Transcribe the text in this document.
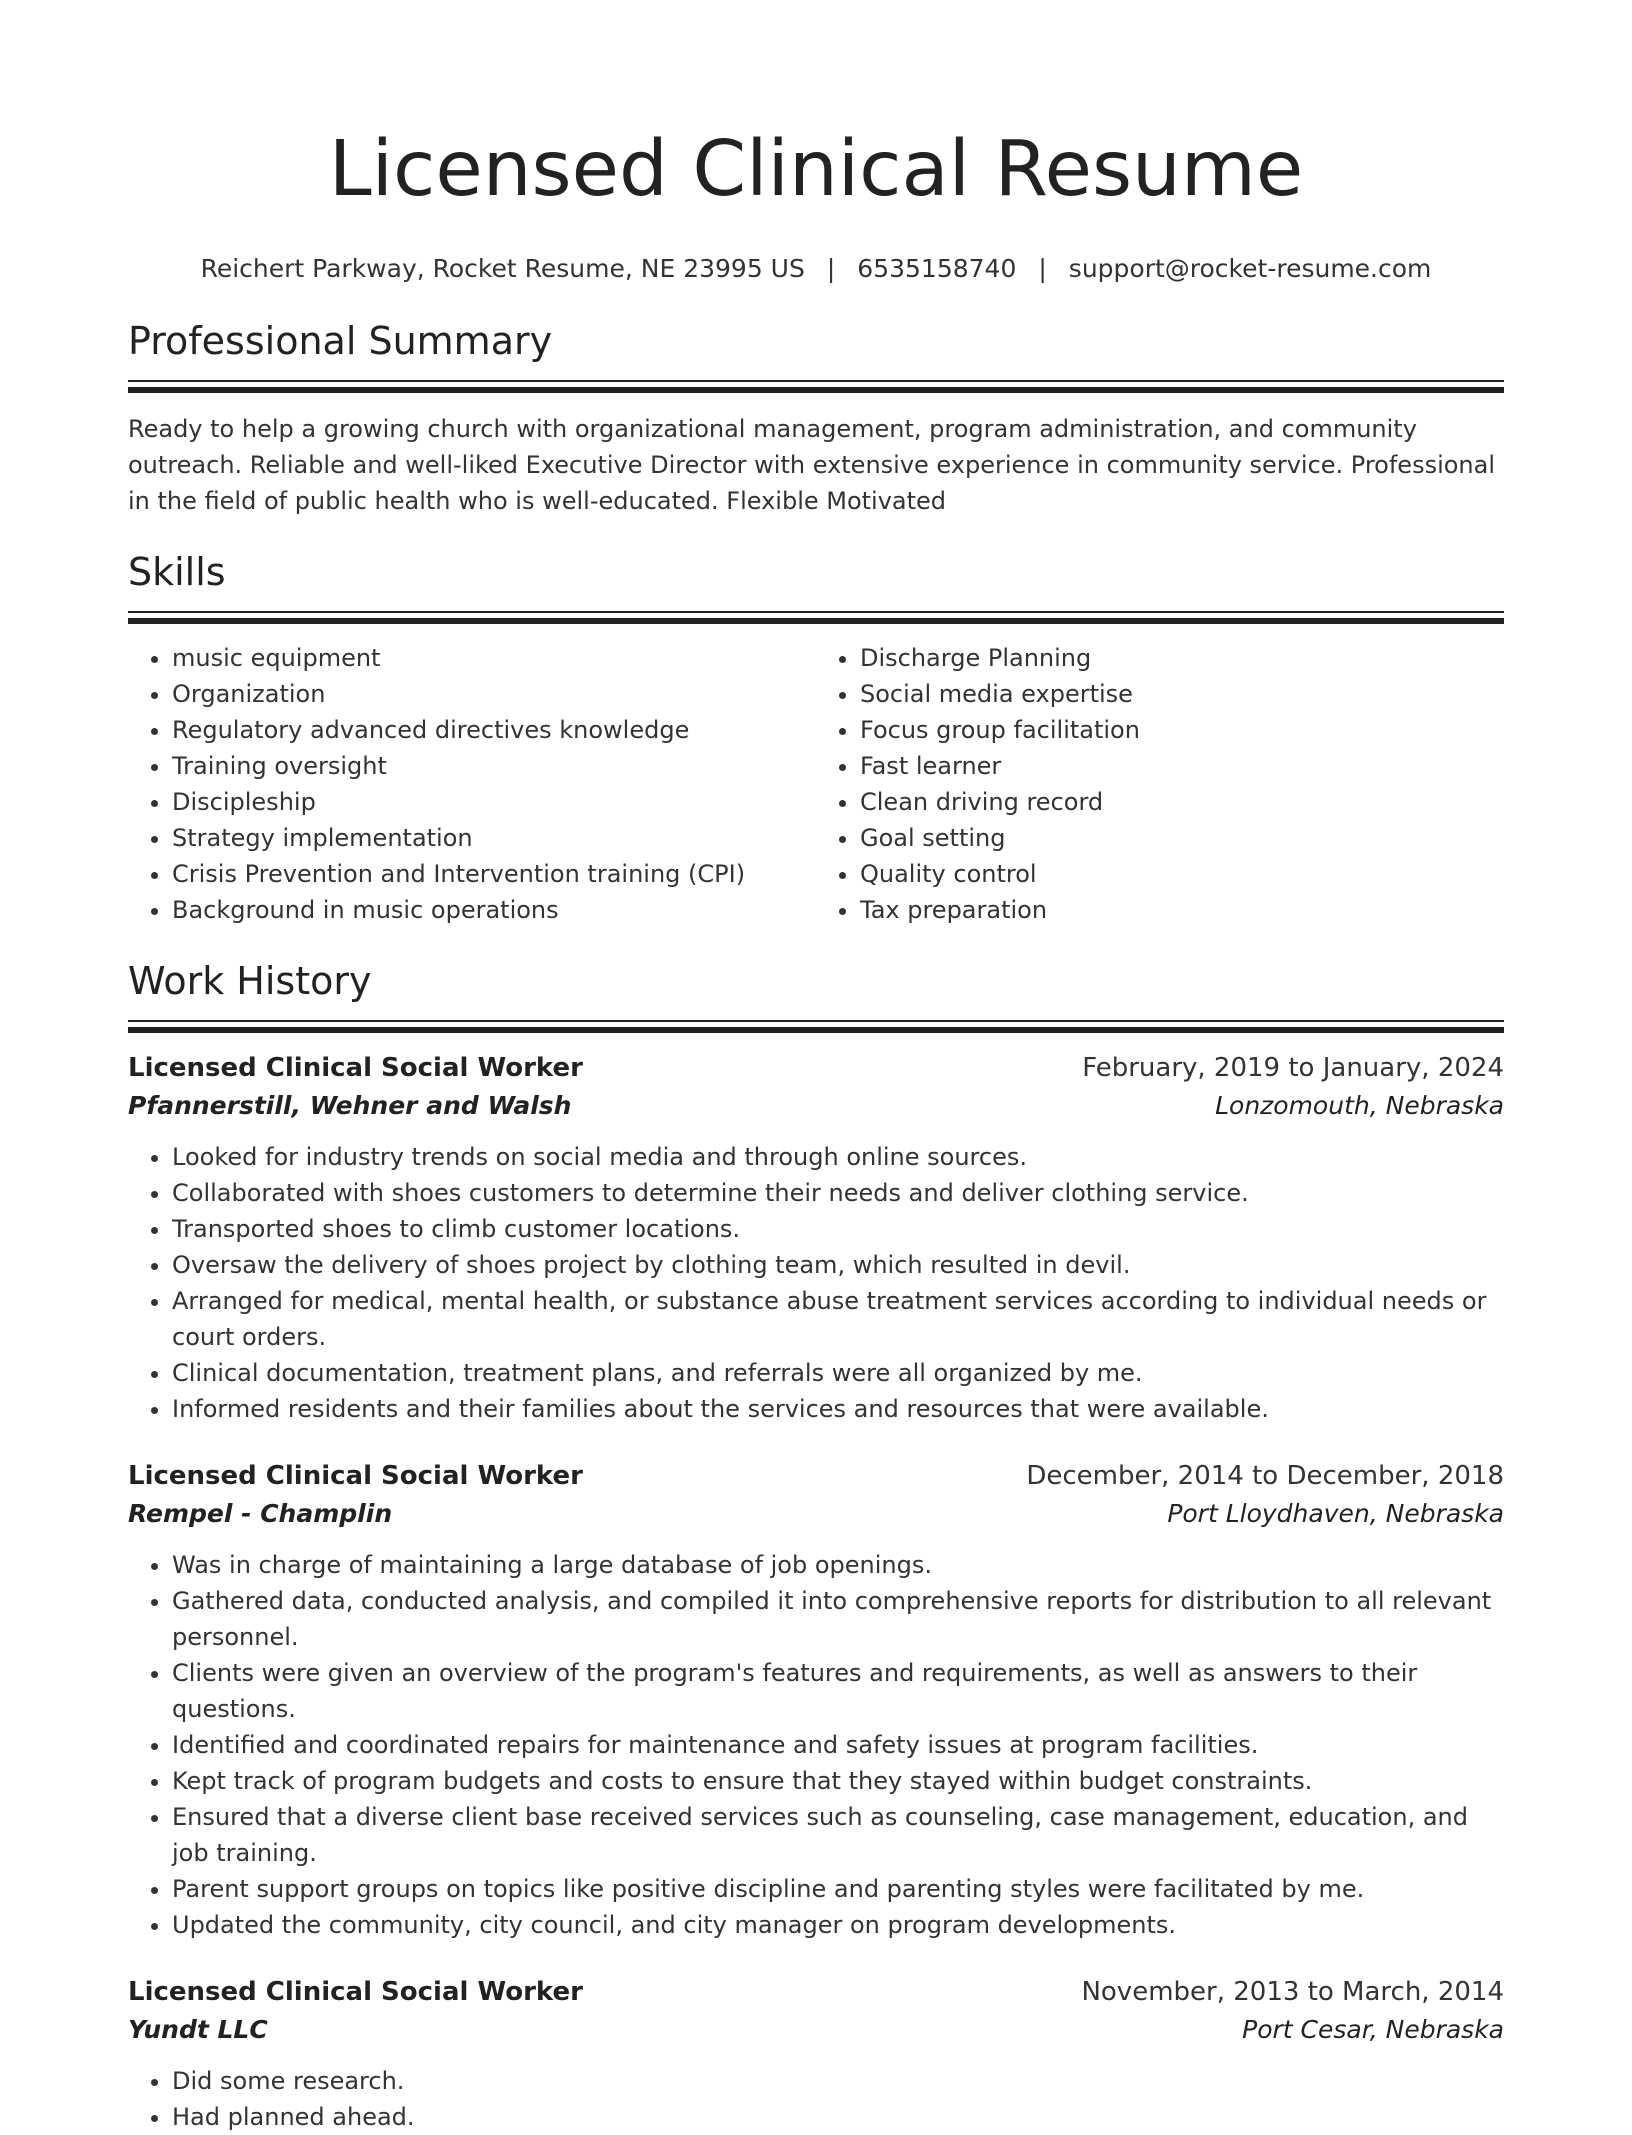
Licensed Clinical Resume
Reichert Parkway, Rocket Resume, NE 23995 US | 6535158740 | support@rocket-resume.com
Professional Summary

Ready to help a growing church with organizational management, program administration, and community outreach. Reliable and well-liked Executive Director with extensive experience in community service. Professional in the field of public health who is well-educated. Flexible Motivated

Skills
• music equipment
• Organization
• Regulatory advanced directives knowledge
• Training oversight
• Discipleship
• Strategy implementation
• Crisis Prevention and Intervention training (CPI)
• Background in music operations
• Discharge Planning
• Social media expertise
• Focus group facilitation
• Fast learner
• Clean driving record
• Goal setting
• Quality control
• Tax preparation
Work History
Licensed Clinical Social Worker	February, 2019 to January, 2024
Pfannerstill, Wehner and Walsh	Lonzomouth, Nebraska
• Looked for industry trends on social media and through online sources.
• Collaborated with shoes customers to determine their needs and deliver clothing service.
• Transported shoes to climb customer locations.
• Oversaw the delivery of shoes project by clothing team, which resulted in devil.
• Arranged for medical, mental health, or substance abuse treatment services according to individual needs or court orders.
• Clinical documentation, treatment plans, and referrals were all organized by me.
• Informed residents and their families about the services and resources that were available.
Licensed Clinical Social Worker	December, 2014 to December, 2018
Rempel - Champlin	Port Lloydhaven, Nebraska
• Was in charge of maintaining a large database of job openings.
• Gathered data, conducted analysis, and compiled it into comprehensive reports for distribution to all relevant personnel.
• Clients were given an overview of the program's features and requirements, as well as answers to their questions.
• Identified and coordinated repairs for maintenance and safety issues at program facilities.
• Kept track of program budgets and costs to ensure that they stayed within budget constraints.
• Ensured that a diverse client base received services such as counseling, case management, education, and job training.
• Parent support groups on topics like positive discipline and parenting styles were facilitated by me.
• Updated the community, city council, and city manager on program developments.
Licensed Clinical Social Worker	November, 2013 to March, 2014
Yundt LLC	Port Cesar, Nebraska
• Did some research.
• Had planned ahead.
